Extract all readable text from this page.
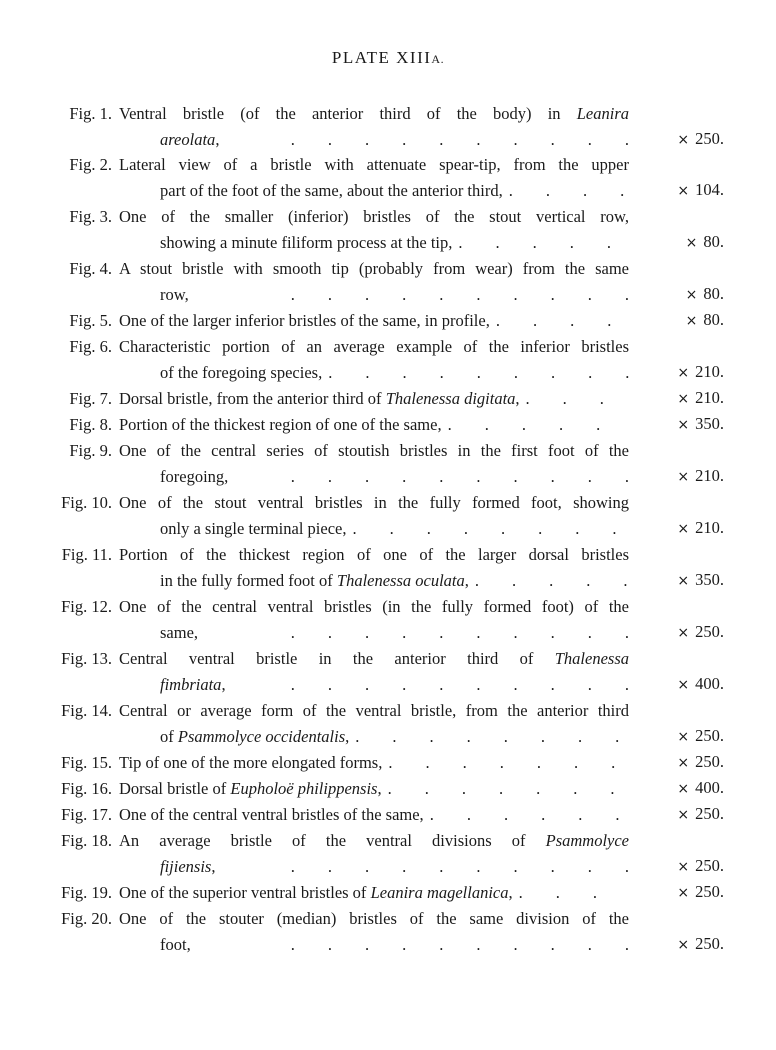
PLATE XIIIA.
Fig. 1. Ventral bristle (of the anterior third of the body) in Leanira
areolata, .	× 250.
Fig. 2. Lateral view of a bristle with attenuate spear-tip, from the upper
part of the foot of the same, about the anterior third, .	× 104.
Fig. 3. One of the smaller (inferior) bristles of the stout vertical row,
showing a minute filiform process at the tip, .	× 80.
Fig. 4. A stout bristle with smooth tip (probably from wear) from the same
row, .	× 80.
Fig. 5. One of the larger inferior bristles of the same, in profile, .	× 80.
Fig. 6. Characteristic portion of an average example of the inferior bristles
of the foregoing species, .	× 210.
Fig. 7. Dorsal bristle, from the anterior third of Thalenessa digitata, .	× 210.
Fig. 8. Portion of the thickest region of one of the same, .	× 350.
Fig. 9. One of the central series of stoutish bristles in the first foot of the
foregoing, .	× 210.
Fig. 10. One of the stout ventral bristles in the fully formed foot, showing
only a single terminal piece, .	× 210.
Fig. 11. Portion of the thickest region of one of the larger dorsal bristles
in the fully formed foot of Thalenessa oculata, .	× 350.
Fig. 12. One of the central ventral bristles (in the fully formed foot) of the
same, .	× 250.
Fig. 13. Central ventral bristle in the anterior third of Thalenessa
fimbriata, .	× 400.
Fig. 14. Central or average form of the ventral bristle, from the anterior third
of Psammolyce occidentalis, .	× 250.
Fig. 15. Tip of one of the more elongated forms, .	× 250.
Fig. 16. Dorsal bristle of Eupholoë philippensis, .	× 400.
Fig. 17. One of the central ventral bristles of the same, .	× 250.
Fig. 18. An average bristle of the ventral divisions of Psammolyce
fijiensis, .	× 250.
Fig. 19. One of the superior ventral bristles of Leanira magellanica, .	× 250.
Fig. 20. One of the stouter (median) bristles of the same division of the
foot, .	× 250.
